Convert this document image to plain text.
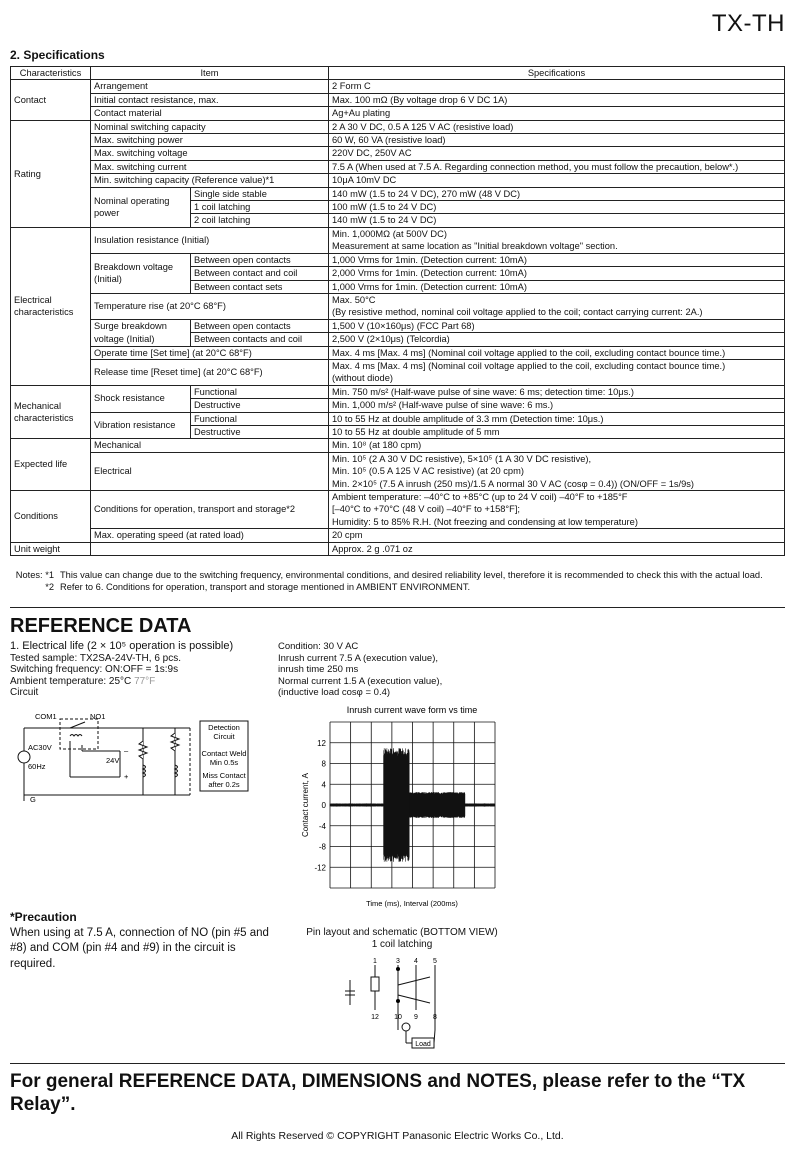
TX-TH
2. Specifications
Characteristics	Item		Specifications
Contact	Arrangement		2 Form C
	Initial contact resistance, max.		Max. 100 mΩ (By voltage drop 6 V DC 1A)
	Contact material		Ag+Au plating
Rating	Nominal switching capacity		2 A 30 V DC, 0.5 A 125 V AC (resistive load)
	Max. switching power		60 W, 60 VA (resistive load)
	Max. switching voltage		220V DC, 250V AC
	Max. switching current		7.5 A (When used at 7.5 A. Regarding connection method, you must follow the precaution, below*.)
	Min. switching capacity (Reference value)*1		10μA 10mV DC
	Nominal operating power	Single side stable	140 mW (1.5 to 24 V DC), 270 mW (48 V DC)
		1 coil latching	100 mW (1.5 to 24 V DC)
		2 coil latching	140 mW (1.5 to 24 V DC)
Electrical characteristics	Insulation resistance (Initial)		Min. 1,000MΩ (at 500V DC)
Measurement at same location as "Initial breakdown voltage" section.
	Breakdown voltage (Initial)	Between open contacts	1,000 Vrms for 1min. (Detection current: 10mA)
		Between contact and coil	2,000 Vrms for 1min. (Detection current: 10mA)
		Between contact sets	1,000 Vrms for 1min. (Detection current: 10mA)
	Temperature rise (at 20°C 68°F)		Max. 50°C
(By resistive method, nominal coil voltage applied to the coil; contact carrying current: 2A.)
	Surge breakdown voltage (Initial)	Between open contacts	1,500 V (10×160μs) (FCC Part 68)
		Between contacts and coil	2,500 V (2×10μs) (Telcordia)
	Operate time [Set time] (at 20°C 68°F)		Max. 4 ms [Max. 4 ms] (Nominal coil voltage applied to the coil, excluding contact bounce time.)
	Release time [Reset time] (at 20°C 68°F)		Max. 4 ms [Max. 4 ms] (Nominal coil voltage applied to the coil, excluding contact bounce time.)
(without diode)
Mechanical characteristics	Shock resistance	Functional	Min. 750 m/s² (Half-wave pulse of sine wave: 6 ms; detection time: 10μs.)
		Destructive	Min. 1,000 m/s² (Half-wave pulse of sine wave: 6 ms.)
	Vibration resistance	Functional	10 to 55 Hz at double amplitude of 3.3 mm (Detection time: 10μs.)
		Destructive	10 to 55 Hz at double amplitude of 5 mm
Expected life	Mechanical		Min. 10⁸ (at 180 cpm)
	Electrical		Min. 10⁵ (2 A 30 V DC resistive), 5×10⁵ (1 A 30 V DC resistive),
Min. 10⁵ (0.5 A 125 V AC resistive) (at 20 cpm)
Min. 2×10⁵ (7.5 A inrush (250 ms)/1.5 A normal 30 V AC (cosφ = 0.4)) (ON/OFF = 1s/9s)
Conditions	Conditions for operation, transport and storage*2		Ambient temperature: –40°C to +85°C (up to 24 V coil) –40°F to +185°F
[–40°C to +70°C (48 V coil) –40°F to +158°F];
Humidity: 5 to 85% R.H. (Not freezing and condensing at low temperature)
	Max. operating speed (at rated load)		20 cpm
Unit weight			Approx. 2 g .071 oz
Notes: *1 This value can change due to the switching frequency, environmental conditions, and desired reliability level, therefore it is recommended to check this with the actual load.
*2 Refer to 6. Conditions for operation, transport and storage mentioned in AMBIENT ENVIRONMENT.
REFERENCE DATA
1. Electrical life (2 × 10⁵ operation is possible)
Tested sample: TX2SA-24V-TH, 6 pcs.
Switching frequency: ON:OFF = 1s:9s
Ambient temperature: 25°C 77°F
Circuit
Condition: 30 V AC
Inrush current 7.5 A (execution value),
inrush time 250 ms
Normal current 1.5 A (execution value),
(inductive load cosφ = 0.4)
COM1	NO1
AC30V
60Hz
24V
–
+
G
Detection
Circuit
Contact Weld
Min 0.5s
Miss Contact
after 0.2s
Inrush current wave form vs time
12
8
4
0
-4
-8
-12
Contact current, A
Time (ms), Interval (200ms)
*Precaution
When using at 7.5 A, connection of NO (pin #5 and #8) and COM (pin #4 and #9) in the circuit is required.
Pin layout and schematic (BOTTOM VIEW)
1 coil latching
1	3 4 5
12 10 9 8
Load
For general REFERENCE DATA, DIMENSIONS and NOTES, please refer to the “TX Relay”.
All Rights Reserved © COPYRIGHT Panasonic Electric Works Co., Ltd.
